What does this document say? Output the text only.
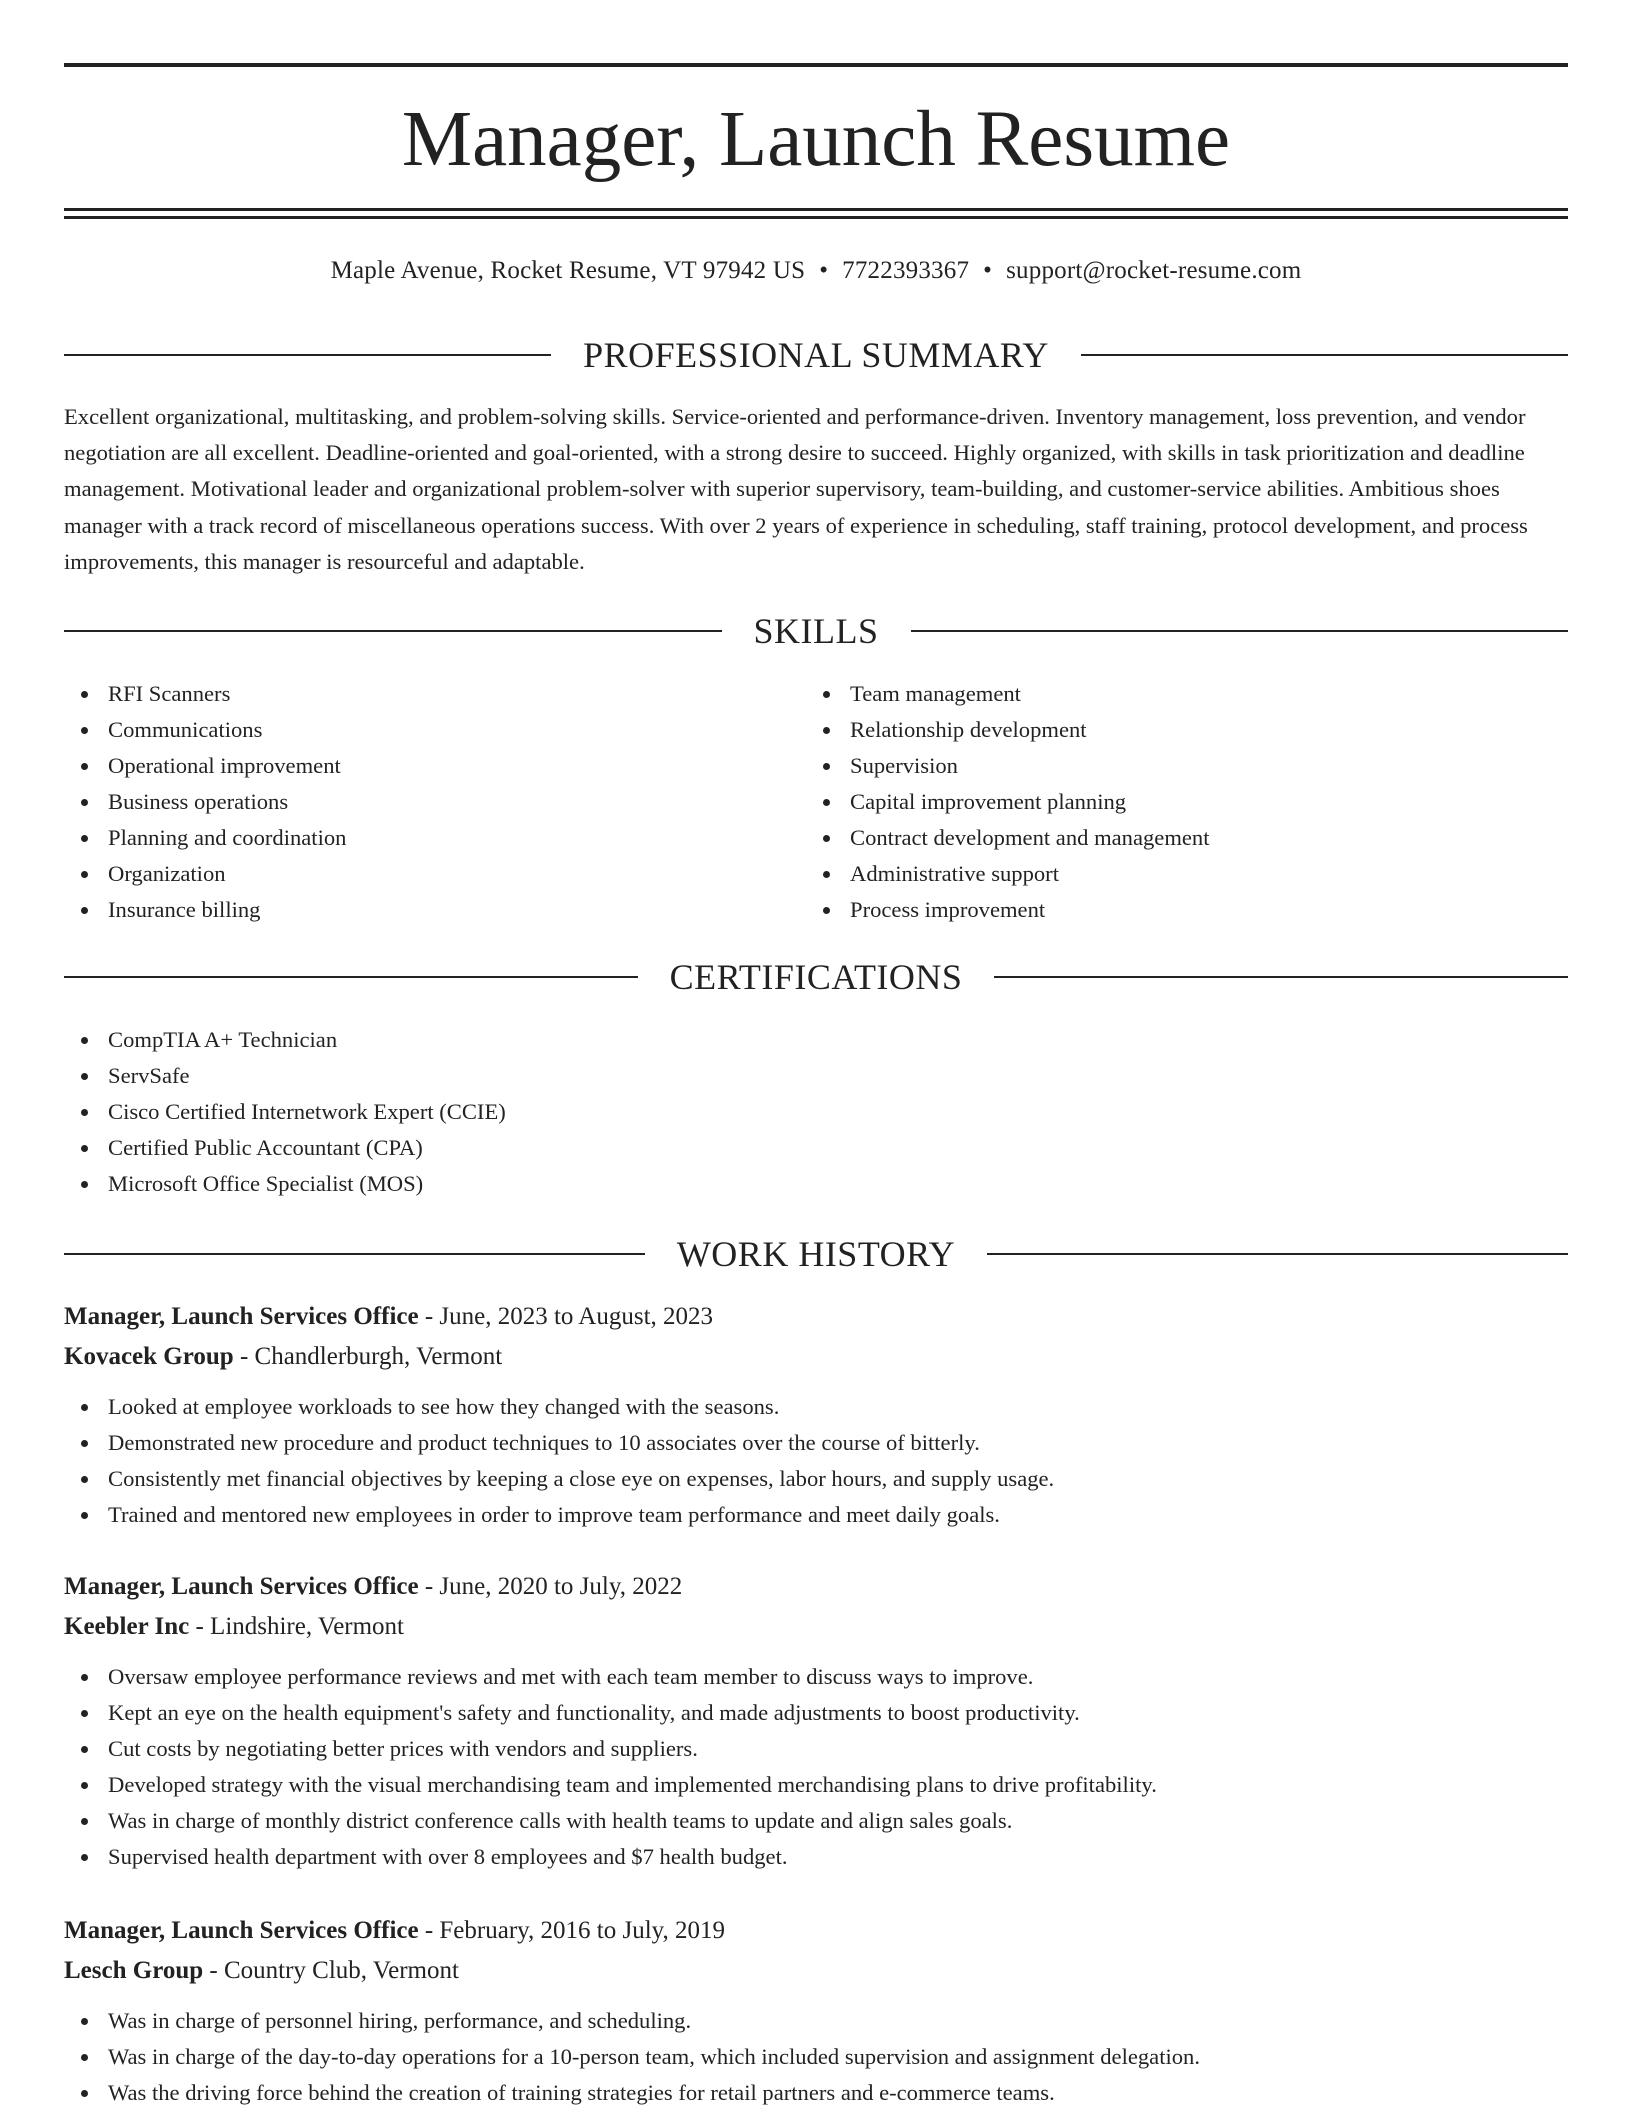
Manager, Launch Resume
Maple Avenue, Rocket Resume, VT 97942 US • 7722393367 • support@rocket-resume.com
PROFESSIONAL SUMMARY

Excellent organizational, multitasking, and problem-solving skills. Service-oriented and performance-driven. Inventory management, loss prevention, and vendor negotiation are all excellent. Deadline-oriented and goal-oriented, with a strong desire to succeed. Highly organized, with skills in task prioritization and deadline management. Motivational leader and organizational problem-solver with superior supervisory, team-building, and customer-service abilities. Ambitious shoes manager with a track record of miscellaneous operations success. With over 2 years of experience in scheduling, staff training, protocol development, and process improvements, this manager is resourceful and adaptable.

SKILLS
RFI Scanners
Communications
Operational improvement
Business operations
Planning and coordination
Organization
Insurance billing
Team management
Relationship development
Supervision
Capital improvement planning
Contract development and management
Administrative support
Process improvement
CERTIFICATIONS
CompTIA A+ Technician
ServSafe
Cisco Certified Internetwork Expert (CCIE)
Certified Public Accountant (CPA)
Microsoft Office Specialist (MOS)
WORK HISTORY
Manager, Launch Services Office - June, 2023 to August, 2023
Kovacek Group - Chandlerburgh, Vermont
Looked at employee workloads to see how they changed with the seasons.
Demonstrated new procedure and product techniques to 10 associates over the course of bitterly.
Consistently met financial objectives by keeping a close eye on expenses, labor hours, and supply usage.
Trained and mentored new employees in order to improve team performance and meet daily goals.
Manager, Launch Services Office - June, 2020 to July, 2022
Keebler Inc - Lindshire, Vermont
Oversaw employee performance reviews and met with each team member to discuss ways to improve.
Kept an eye on the health equipment's safety and functionality, and made adjustments to boost productivity.
Cut costs by negotiating better prices with vendors and suppliers.
Developed strategy with the visual merchandising team and implemented merchandising plans to drive profitability.
Was in charge of monthly district conference calls with health teams to update and align sales goals.
Supervised health department with over 8 employees and $7 health budget.
Manager, Launch Services Office - February, 2016 to July, 2019
Lesch Group - Country Club, Vermont
Was in charge of personnel hiring, performance, and scheduling.
Was in charge of the day-to-day operations for a 10-person team, which included supervision and assignment delegation.
Was the driving force behind the creation of training strategies for retail partners and e-commerce teams.
